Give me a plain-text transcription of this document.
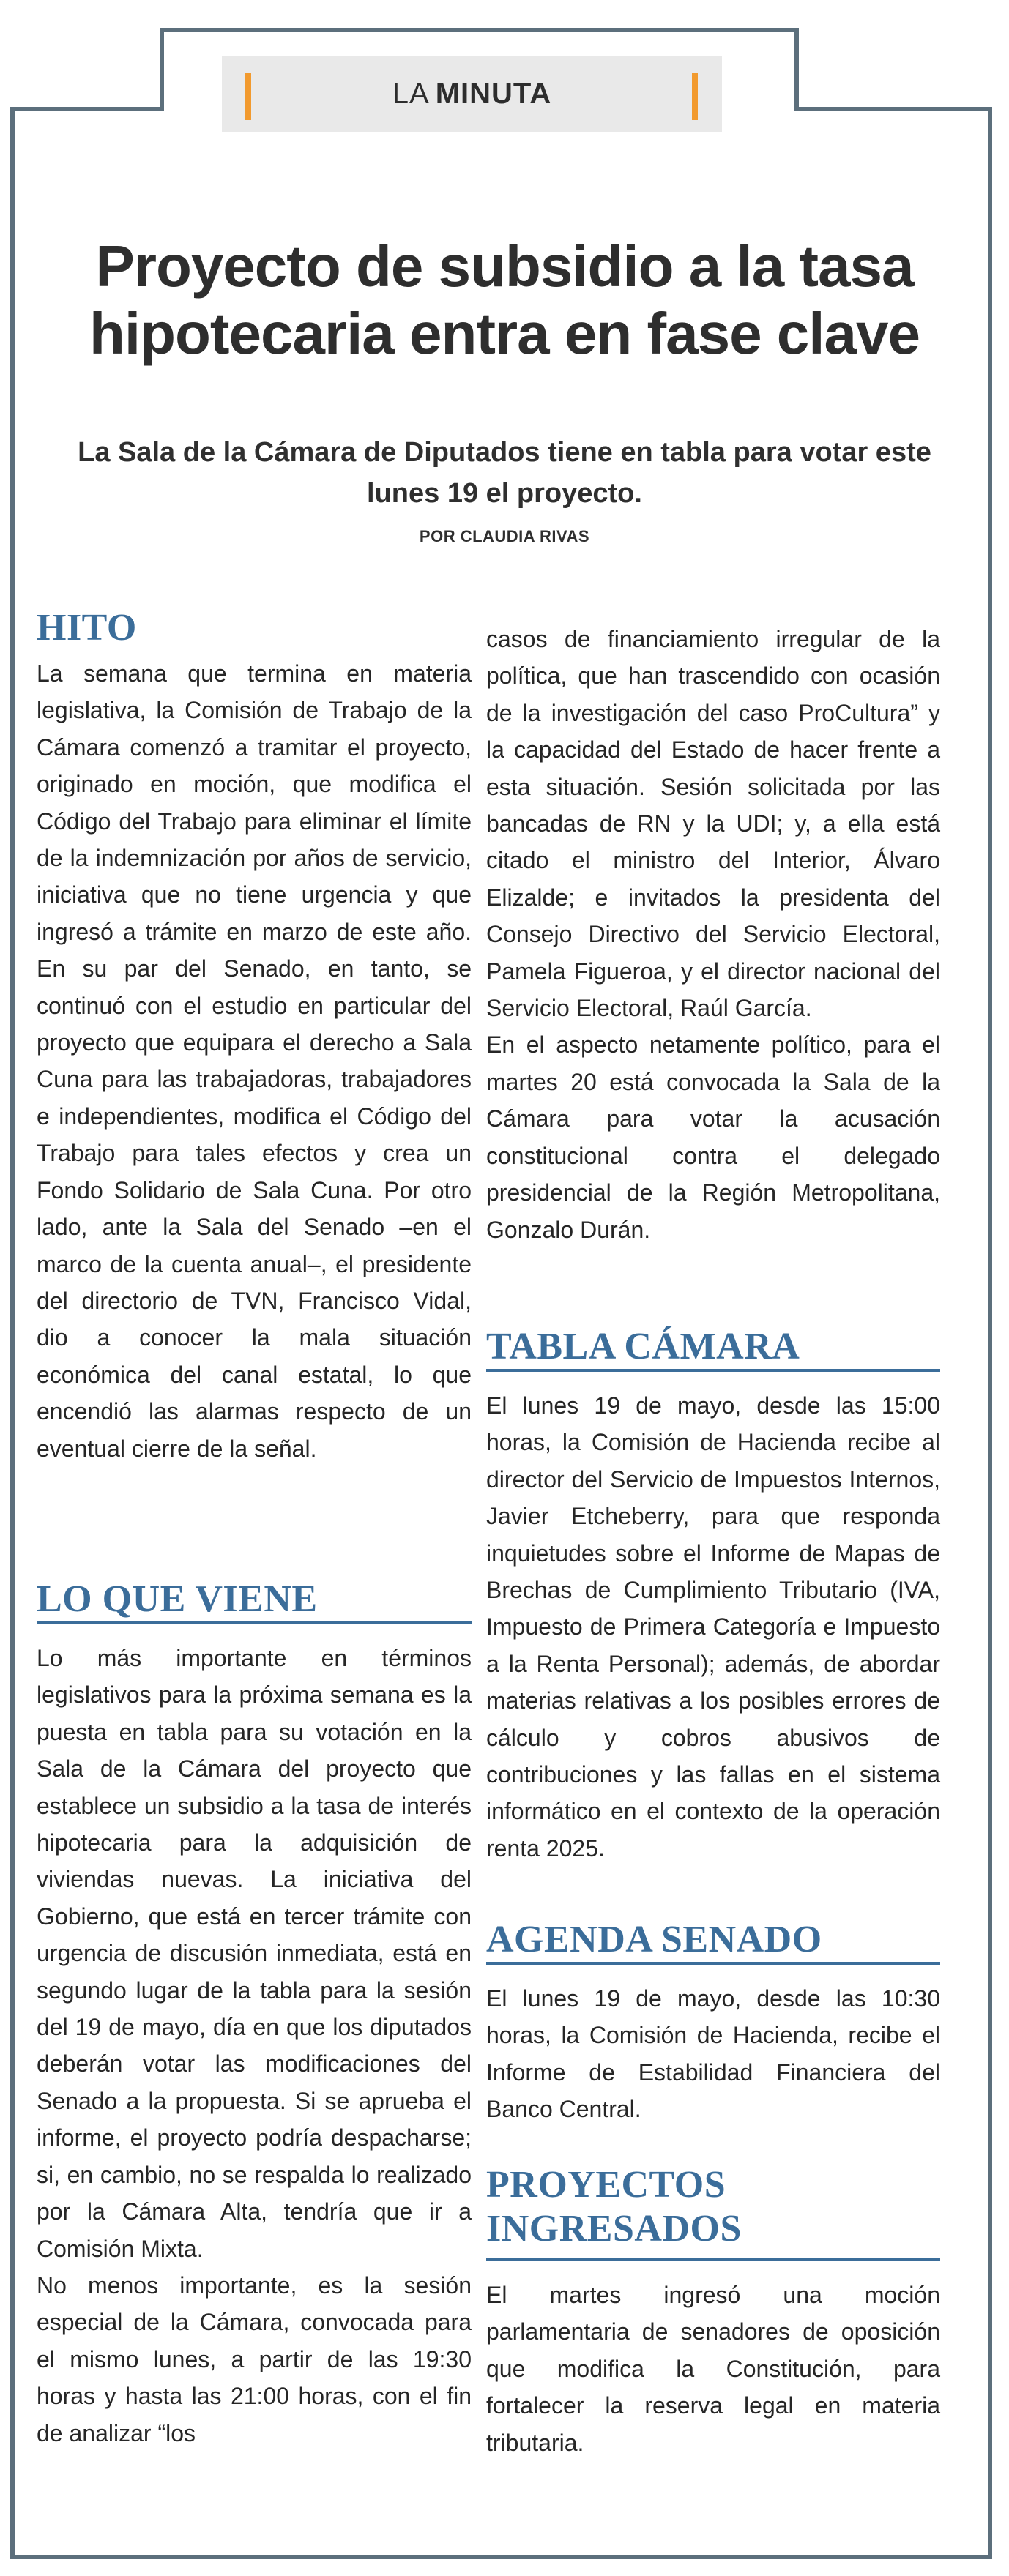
LA MINUTA
Proyecto de subsidio a la tasa hipotecaria entra en fase clave
La Sala de la Cámara de Diputados tiene en tabla para votar este lunes 19 el proyecto.
POR CLAUDIA RIVAS
HITO

La semana que termina en materia legislativa, la Comisión de Trabajo de la Cámara comenzó a tramitar el proyecto, originado en moción, que modifica el Código del Trabajo para eliminar el límite de la indemnización por años de servicio, iniciativa que no tiene urgencia y que ingresó a trámite en marzo de este año. En su par del Senado, en tanto, se continuó con el estudio en particular del proyecto que equipara el derecho a Sala Cuna para las trabajadoras, trabajadores e independientes, modifica el Código del Trabajo para tales efectos y crea un Fondo Solidario de Sala Cuna. Por otro lado, ante la Sala del Senado –en el marco de la cuenta anual–, el presidente del directorio de TVN, Francisco Vidal, dio a conocer la mala situación económica del canal estatal, lo que encendió las alarmas respecto de un eventual cierre de la señal.

LO QUE VIENE

Lo más importante en términos legislativos para la próxima semana es la puesta en tabla para su votación en la Sala de la Cámara del proyecto que establece un subsidio a la tasa de interés hipotecaria para la adquisición de viviendas nuevas. La iniciativa del Gobierno, que está en tercer trámite con urgencia de discusión inmediata, está en segundo lugar de la tabla para la sesión del 19 de mayo, día en que los diputados deberán votar las modificaciones del Senado a la propuesta. Si se aprueba el informe, el proyecto podría despacharse; si, en cambio, no se respalda lo realizado por la Cámara Alta, tendría que ir a Comisión Mixta.

No menos importante, es la sesión especial de la Cámara, convocada para el mismo lunes, a partir de las 19:30 horas y hasta las 21:00 horas, con el fin de analizar “los

casos de financiamiento irregular de la política, que han trascendido con ocasión de la investigación del caso ProCultura” y la capacidad del Estado de hacer frente a esta situación. Sesión solicitada por las bancadas de RN y la UDI; y, a ella está citado el ministro del Interior, Álvaro Elizalde; e invitados la presidenta del Consejo Directivo del Servicio Electoral, Pamela Figueroa, y el director nacional del Servicio Electoral, Raúl García.

En el aspecto netamente político, para el martes 20 está convocada la Sala de la Cámara para votar la acusación constitucional contra el delegado presidencial de la Región Metropolitana, Gonzalo Durán.

TABLA CÁMARA

El lunes 19 de mayo, desde las 15:00 horas, la Comisión de Hacienda recibe al director del Servicio de Impuestos Internos, Javier Etcheberry, para que responda inquietudes sobre el Informe de Mapas de Brechas de Cumplimiento Tributario (IVA, Impuesto de Primera Categoría e Impuesto a la Renta Personal); además, de abordar materias relativas a los posibles errores de cálculo y cobros abusivos de contribuciones y las fallas en el sistema informático en el contexto de la operación renta 2025.

AGENDA SENADO

El lunes 19 de mayo, desde las 10:30 horas, la Comisión de Hacienda, recibe el Informe de Estabilidad Financiera del Banco Central.

PROYECTOS
INGRESADOS

El martes ingresó una moción parlamentaria de senadores de oposición que modifica la Constitución, para fortalecer la reserva legal en materia tributaria.
